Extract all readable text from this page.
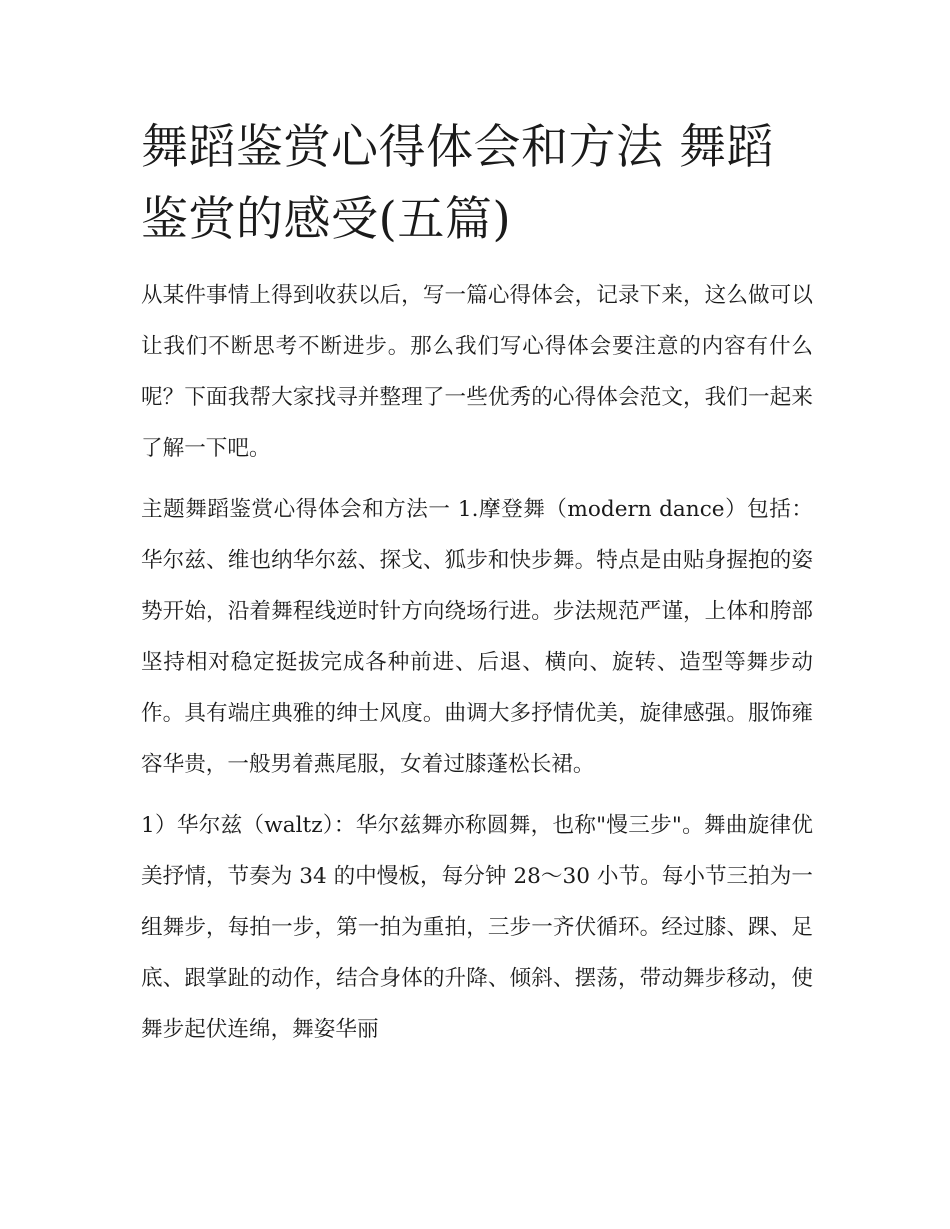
舞蹈鉴赏心得体会和方法 舞蹈鉴赏的感受(五篇)

从某件事情上得到收获以后，写一篇心得体会，记录下来，这么做可以让我们不断思考不断进步。那么我们写心得体会要注意的内容有什么呢？下面我帮大家找寻并整理了一些优秀的心得体会范文，我们一起来了解一下吧。

主题舞蹈鉴赏心得体会和方法一 1.摩登舞（modern dance）包括：华尔兹、维也纳华尔兹、探戈、狐步和快步舞。特点是由贴身握抱的姿势开始，沿着舞程线逆时针方向绕场行进。步法规范严谨，上体和胯部坚持相对稳定挺拔完成各种前进、后退、横向、旋转、造型等舞步动作。具有端庄典雅的绅士风度。曲调大多抒情优美，旋律感强。服饰雍容华贵，一般男着燕尾服，女着过膝蓬松长裙。

1）华尔兹（waltz）：华尔兹舞亦称圆舞，也称"慢三步"。舞曲旋律优美抒情，节奏为 34 的中慢板，每分钟 28～30 小节。每小节三拍为一组舞步，每拍一步，第一拍为重拍，三步一齐伏循环。经过膝、踝、足底、跟掌趾的动作，结合身体的升降、倾斜、摆荡，带动舞步移动，使舞步起伏连绵，舞姿华丽
